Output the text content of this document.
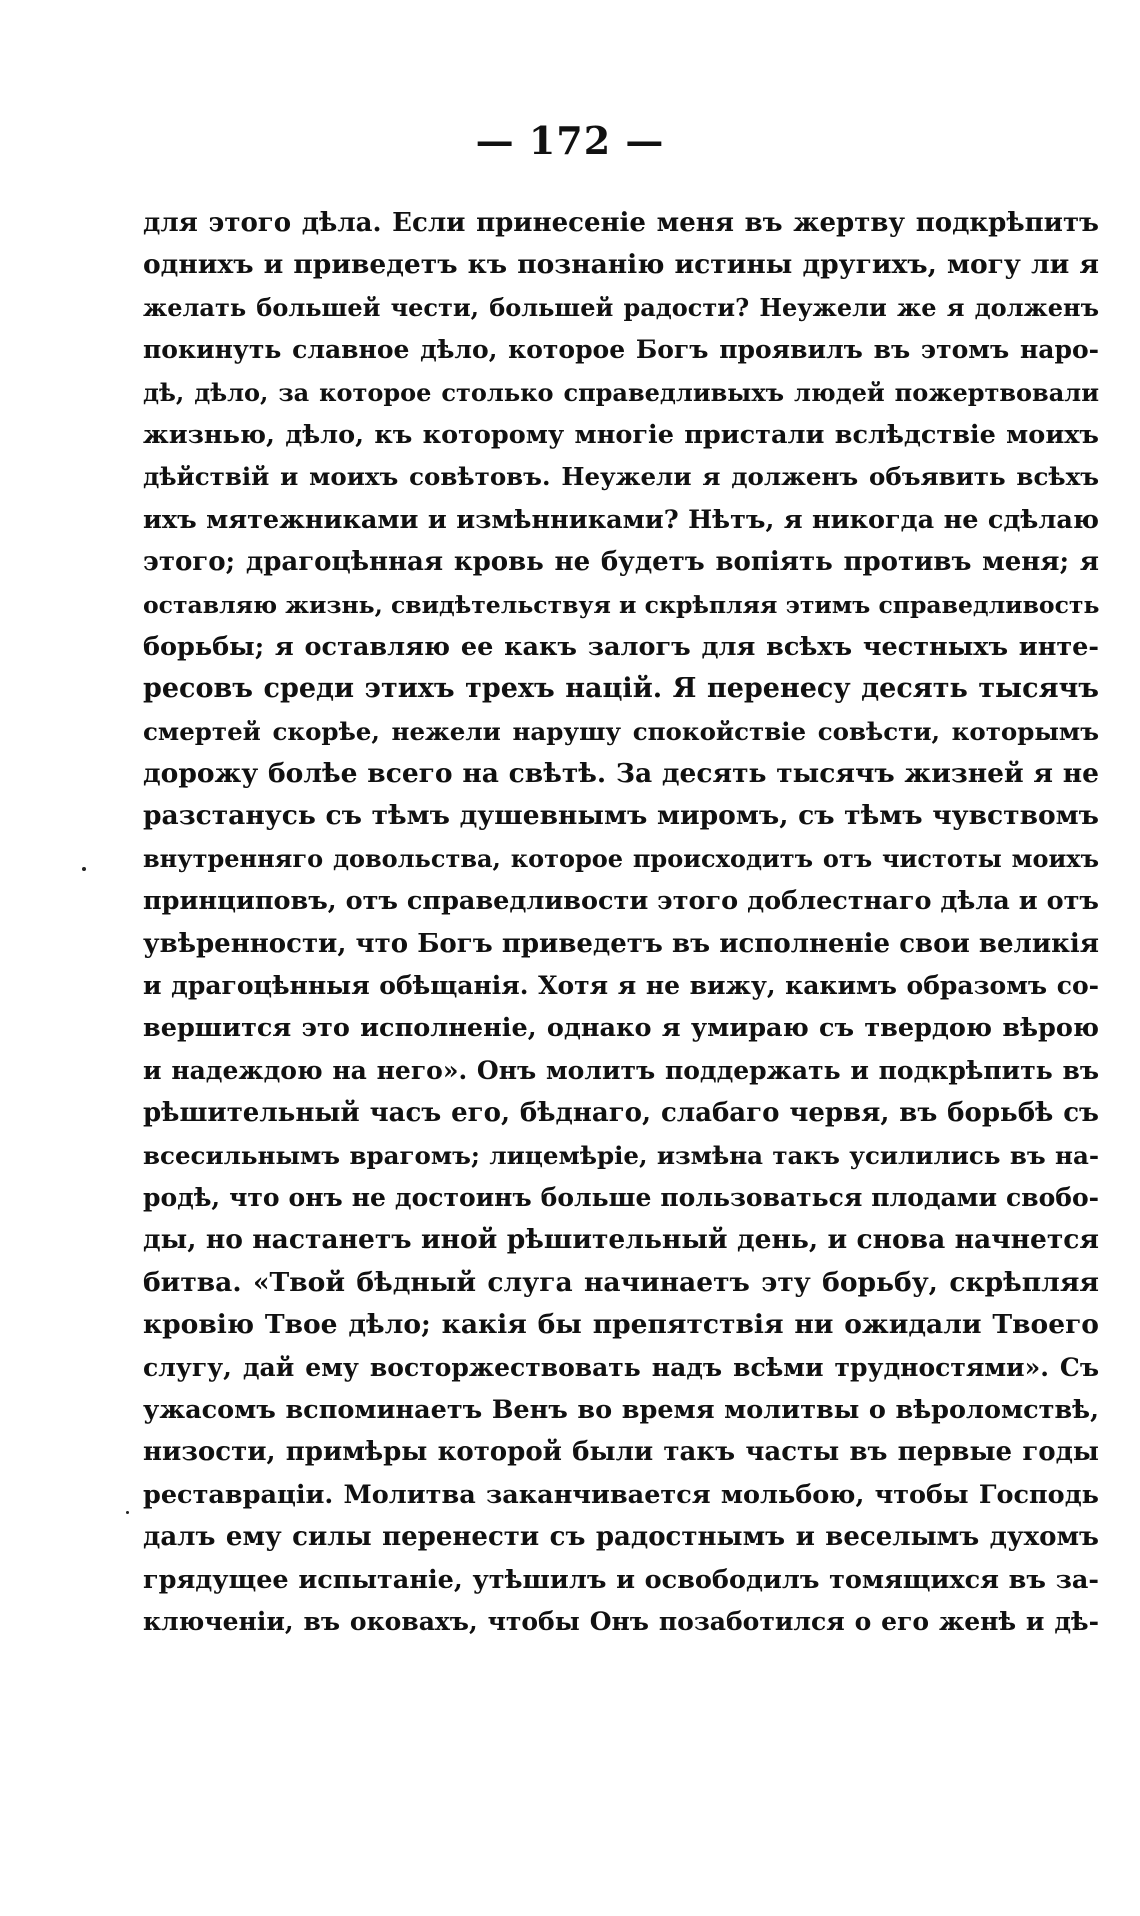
— 172 —
для этого дѣла. Если принесеніе меня въ жертву подкрѣпитъ
однихъ и приведетъ къ познанію истины другихъ, могу ли я
желать большей чести, большей радости? Неужели же я долженъ
покинуть славное дѣло, которое Богъ проявилъ въ этомъ наро-
дѣ, дѣло, за которое столько справедливыхъ людей пожертвовали
жизнью, дѣло, къ которому многіе пристали вслѣдствіе моихъ
дѣйствій и моихъ совѣтовъ. Неужели я долженъ объявить всѣхъ
ихъ мятежниками и измѣнниками? Нѣтъ, я никогда не сдѣлаю
этого; драгоцѣнная кровь не будетъ вопіять противъ меня; я
оставляю жизнь, свидѣтельствуя и скрѣпляя этимъ справедливость
борьбы; я оставляю ее какъ залогъ для всѣхъ честныхъ инте-
ресовъ среди этихъ трехъ націй. Я перенесу десять тысячъ
смертей скорѣе, нежели нарушу спокойствіе совѣсти, которымъ
дорожу болѣе всего на свѣтѣ. За десять тысячъ жизней я не
разстанусь съ тѣмъ душевнымъ миромъ, съ тѣмъ чувствомъ
внутренняго довольства, которое происходитъ отъ чистоты моихъ
принциповъ, отъ справедливости этого доблестнаго дѣла и отъ
увѣренности, что Богъ приведетъ въ исполненіе свои великія
и драгоцѣнныя обѣщанія. Хотя я не вижу, какимъ образомъ со-
вершится это исполненіе, однако я умираю съ твердою вѣрою
и надеждою на него». Онъ молитъ поддержать и подкрѣпить въ
рѣшительный часъ его, бѣднаго, слабаго червя, въ борьбѣ съ
всесильнымъ врагомъ; лицемѣріе, измѣна такъ усилились въ на-
родѣ, что онъ не достоинъ больше пользоваться плодами свобо-
ды, но настанетъ иной рѣшительный день, и снова начнется
битва. «Твой бѣдный слуга начинаетъ эту борьбу, скрѣпляя
кровію Твое дѣло; какія бы препятствія ни ожидали Твоего
слугу, дай ему восторжествовать надъ всѣми трудностями». Съ
ужасомъ вспоминаетъ Венъ во время молитвы о вѣроломствѣ,
низости, примѣры которой были такъ часты въ первые годы
реставраціи. Молитва заканчивается мольбою, чтобы Господь
далъ ему силы перенести съ радостнымъ и веселымъ духомъ
грядущее испытаніе, утѣшилъ и освободилъ томящихся въ за-
ключеніи, въ оковахъ, чтобы Онъ позаботился о его женѣ и дѣ-
